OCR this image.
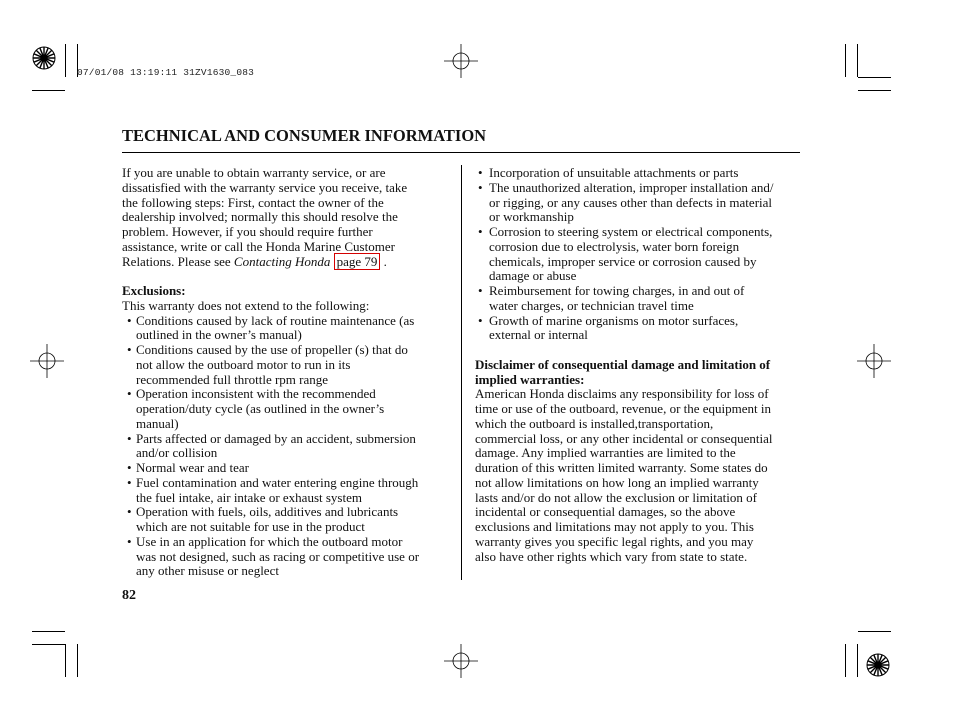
07/01/08 13:19:11 31ZV1630_083
TECHNICAL AND CONSUMER INFORMATION
If you are unable to obtain warranty service, or are
dissatisfied with the warranty service you receive, take
the following steps: First, contact the owner of the
dealership involved; normally this should resolve the
problem. However, if you should require further
assistance, write or call the Honda Marine Customer
Relations. Please see Contacting Honda page 79 .
Exclusions:
This warranty does not extend to the following:
• Conditions caused by lack of routine maintenance (as
outlined in the owner’s manual)
• Conditions caused by the use of propeller (s) that do
not allow the outboard motor to run in its
recommended full throttle rpm range
• Operation inconsistent with the recommended
operation/duty cycle (as outlined in the owner’s
manual)
• Parts affected or damaged by an accident, submersion
and/or collision
• Normal wear and tear
• Fuel contamination and water entering engine through
the fuel intake, air intake or exhaust system
• Operation with fuels, oils, additives and lubricants
which are not suitable for use in the product
• Use in an application for which the outboard motor
was not designed, such as racing or competitive use or
any other misuse or neglect
• Incorporation of unsuitable attachments or parts
• The unauthorized alteration, improper installation and/
or rigging, or any causes other than defects in material
or workmanship
• Corrosion to steering system or electrical components,
corrosion due to electrolysis, water born foreign
chemicals, improper service or corrosion caused by
damage or abuse
• Reimbursement for towing charges, in and out of
water charges, or technician travel time
• Growth of marine organisms on motor surfaces,
external or internal
Disclaimer of consequential damage and limitation of
implied warranties:
American Honda disclaims any responsibility for loss of
time or use of the outboard, revenue, or the equipment in
which the outboard is installed,transportation,
commercial loss, or any other incidental or consequential
damage. Any implied warranties are limited to the
duration of this written limited warranty. Some states do
not allow limitations on how long an implied warranty
lasts and/or do not allow the exclusion or limitation of
incidental or consequential damages, so the above
exclusions and limitations may not apply to you. This
warranty gives you specific legal rights, and you may
also have other rights which vary from state to state.
82
